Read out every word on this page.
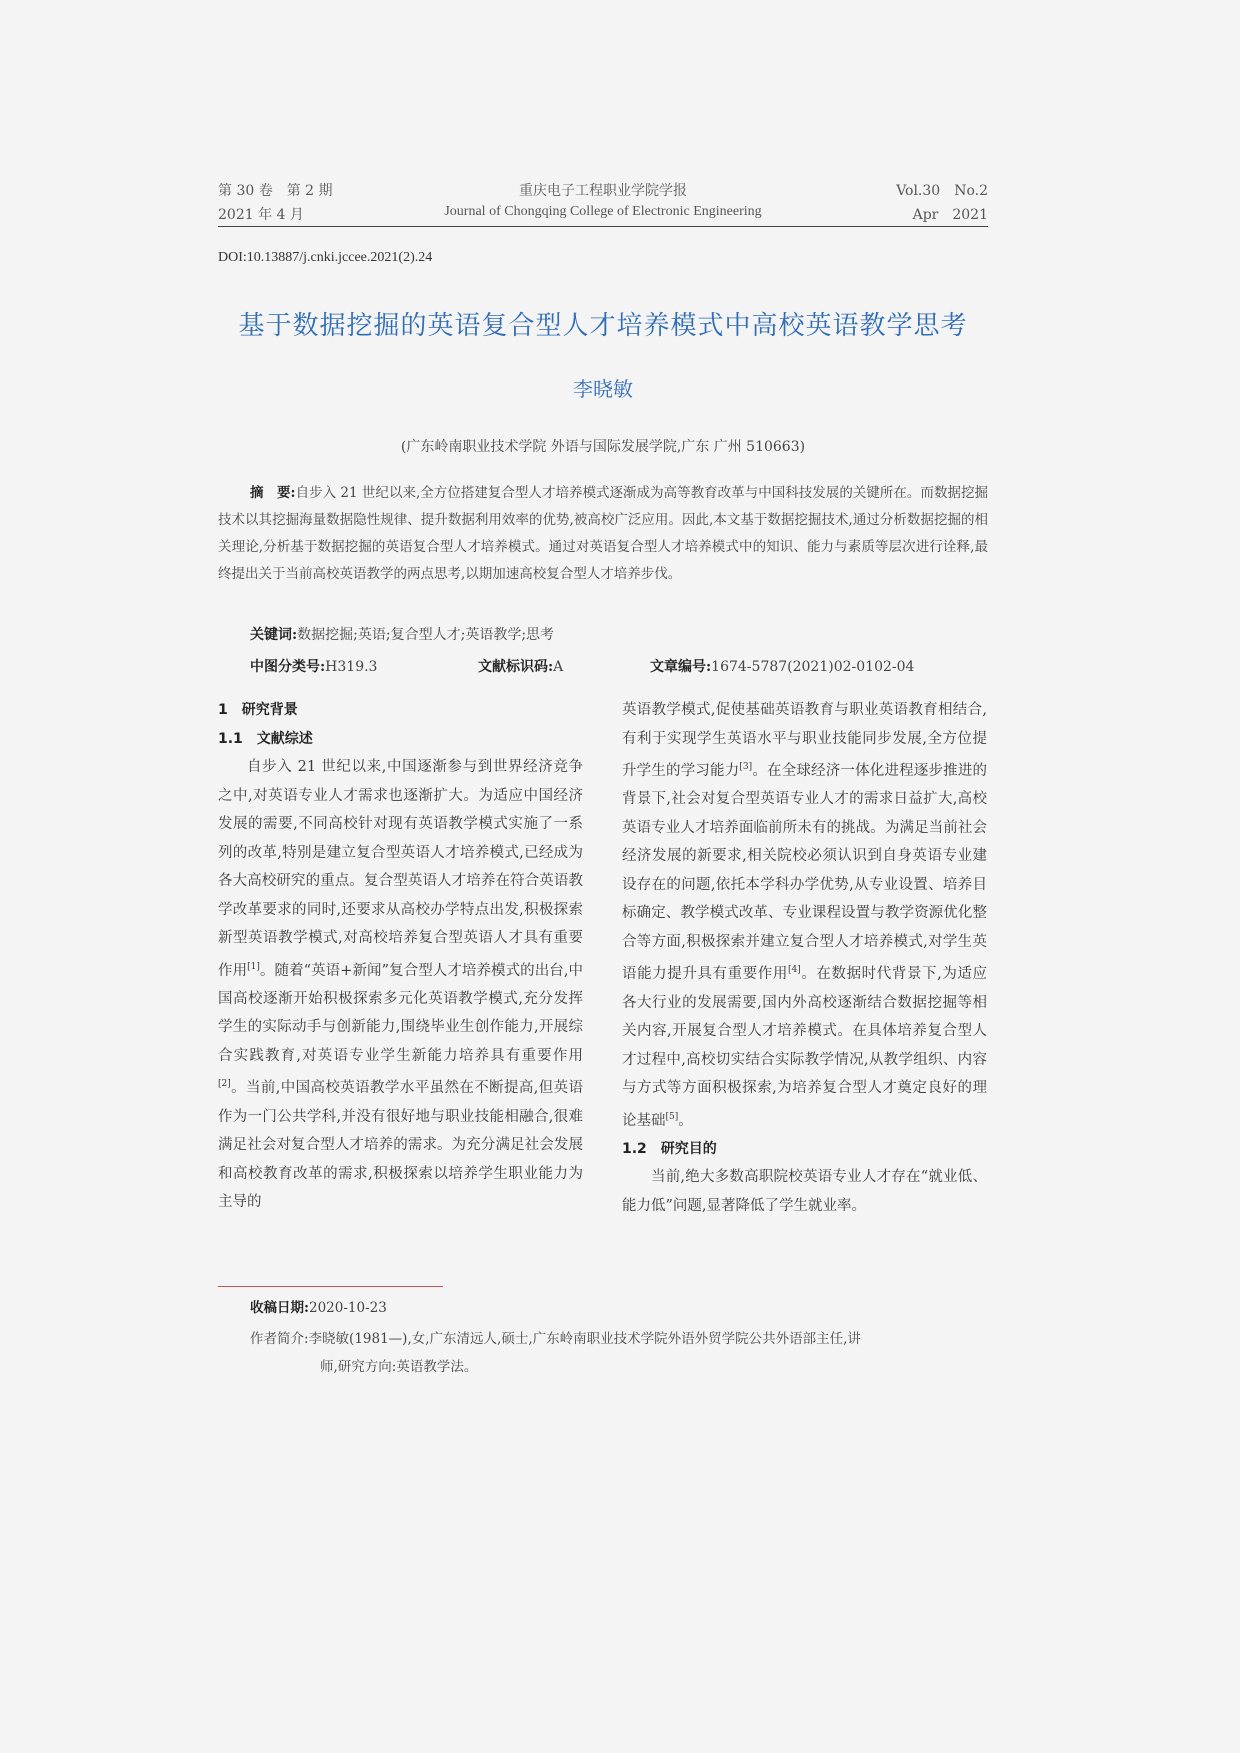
第 30 卷　第 2 期	重庆电子工程职业学院学报	Vol.30　No.2
2021 年 4 月	Journal of Chongqing College of Electronic Engineering	Apr　2021
DOI:10.13887/j.cnki.jccee.2021(2).24
基于数据挖掘的英语复合型人才培养模式中高校英语教学思考
李晓敏
(广东岭南职业技术学院 外语与国际发展学院,广东 广州 510663)
摘　要:自步入 21 世纪以来,全方位搭建复合型人才培养模式逐渐成为高等教育改革与中国科技发展的关键所在。而数据挖掘技术以其挖掘海量数据隐性规律、提升数据利用效率的优势,被高校广泛应用。因此,本文基于数据挖掘技术,通过分析数据挖掘的相关理论,分析基于数据挖掘的英语复合型人才培养模式。通过对英语复合型人才培养模式中的知识、能力与素质等层次进行诠释,最终提出关于当前高校英语教学的两点思考,以期加速高校复合型人才培养步伐。
关键词:数据挖掘;英语;复合型人才;英语教学;思考
中图分类号:H319.3	文献标识码:A	文章编号:1674-5787(2021)02-0102-04

1　研究背景

1.1　文献综述

自步入 21 世纪以来,中国逐渐参与到世界经济竞争之中,对英语专业人才需求也逐渐扩大。为适应中国经济发展的需要,不同高校针对现有英语教学模式实施了一系列的改革,特别是建立复合型英语人才培养模式,已经成为各大高校研究的重点。复合型英语人才培养在符合英语教学改革要求的同时,还要求从高校办学特点出发,积极探索新型英语教学模式,对高校培养复合型英语人才具有重要作用[1]。随着“英语+新闻”复合型人才培养模式的出台,中国高校逐渐开始积极探索多元化英语教学模式,充分发挥学生的实际动手与创新能力,围绕毕业生创作能力,开展综合实践教育,对英语专业学生新能力培养具有重要作用[2]。当前,中国高校英语教学水平虽然在不断提高,但英语作为一门公共学科,并没有很好地与职业技能相融合,很难满足社会对复合型人才培养的需求。为充分满足社会发展和高校教育改革的需求,积极探索以培养学生职业能力为主导的

英语教学模式,促使基础英语教育与职业英语教育相结合,有利于实现学生英语水平与职业技能同步发展,全方位提升学生的学习能力[3]。在全球经济一体化进程逐步推进的背景下,社会对复合型英语专业人才的需求日益扩大,高校英语专业人才培养面临前所未有的挑战。为满足当前社会经济发展的新要求,相关院校必须认识到自身英语专业建设存在的问题,依托本学科办学优势,从专业设置、培养目标确定、教学模式改革、专业课程设置与教学资源优化整合等方面,积极探索并建立复合型人才培养模式,对学生英语能力提升具有重要作用[4]。在数据时代背景下,为适应各大行业的发展需要,国内外高校逐渐结合数据挖掘等相关内容,开展复合型人才培养模式。在具体培养复合型人才过程中,高校切实结合实际教学情况,从教学组织、内容与方式等方面积极探索,为培养复合型人才奠定良好的理论基础[5]。

1.2　研究目的

当前,绝大多数高职院校英语专业人才存在“就业低、能力低”问题,显著降低了学生就业率。

收稿日期:2020-10-23
作者简介:李晓敏(1981—),女,广东清远人,硕士,广东岭南职业技术学院外语外贸学院公共外语部主任,讲
师,研究方向:英语教学法。
